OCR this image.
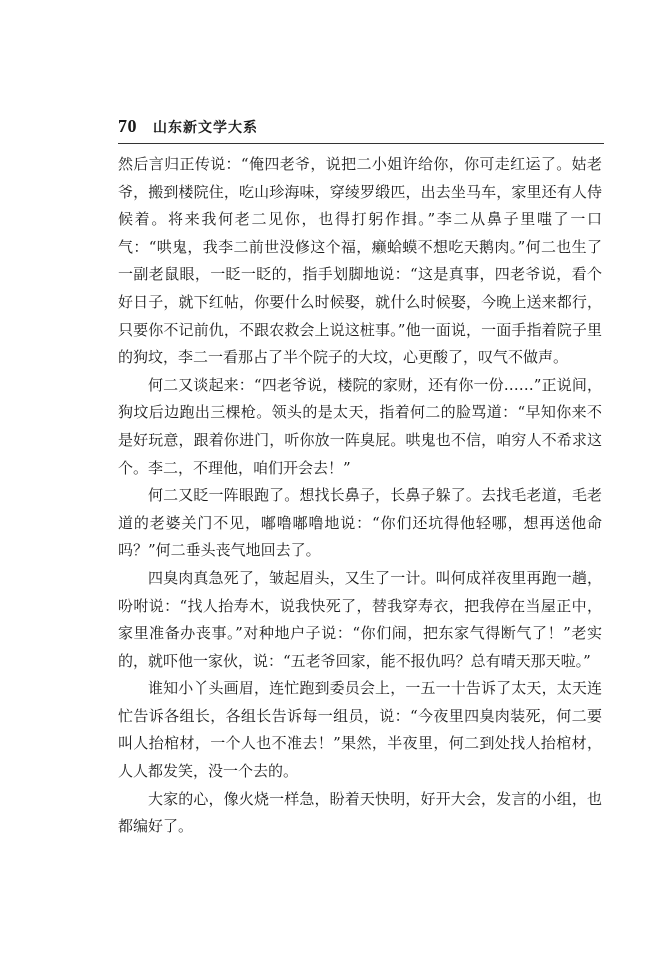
70 山东新文学大系

然后言归正传说：“俺四老爷，说把二小姐许给你，你可走红运了。姑老爷，搬到楼院住，吃山珍海味，穿绫罗缎匹，出去坐马车，家里还有人侍候着。将来我何老二见你，也得打躬作揖。”李二从鼻子里嗤了一口气：“哄鬼，我李二前世没修这个福，癞蛤蟆不想吃天鹅肉。”何二也生了一副老鼠眼，一眨一眨的，指手划脚地说：“这是真事，四老爷说，看个好日子，就下红帖，你要什么时候娶，就什么时候娶，今晚上送来都行，只要你不记前仇，不跟农救会上说这桩事。”他一面说，一面手指着院子里的狗坟，李二一看那占了半个院子的大坟，心更酸了，叹气不做声。

何二又谈起来：“四老爷说，楼院的家财，还有你一份……”正说间，狗坟后边跑出三棵枪。领头的是太天，指着何二的脸骂道：“早知你来不是好玩意，跟着你进门，听你放一阵臭屁。哄鬼也不信，咱穷人不希求这个。李二，不理他，咱们开会去！”

何二又眨一阵眼跑了。想找长鼻子，长鼻子躲了。去找毛老道，毛老道的老婆关门不见，嘟噜嘟噜地说：“你们还坑得他轻哪，想再送他命吗？”何二垂头丧气地回去了。

四臭肉真急死了，皱起眉头，又生了一计。叫何成祥夜里再跑一趟，吩咐说：“找人抬寿木，说我快死了，替我穿寿衣，把我停在当屋正中，家里准备办丧事。”对种地户子说：“你们闹，把东家气得断气了！”老实的，就吓他一家伙，说：“五老爷回家，能不报仇吗？总有晴天那天啦。”

谁知小丫头画眉，连忙跑到委员会上，一五一十告诉了太天，太天连忙告诉各组长，各组长告诉每一组员，说：“今夜里四臭肉装死，何二要叫人抬棺材，一个人也不准去！”果然，半夜里，何二到处找人抬棺材，人人都发笑，没一个去的。

大家的心，像火烧一样急，盼着天快明，好开大会，发言的小组，也都编好了。
